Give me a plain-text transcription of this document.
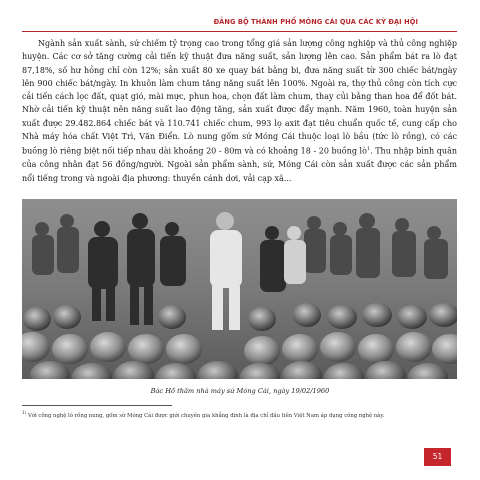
ĐẢNG BỘ THÀNH PHỐ MÓNG CÁI QUA CÁC KỲ ĐẠI HỘI

Ngành sản xuất sành, sứ chiếm tỷ trọng cao trong tổng giá sản lượng công nghiệp và thủ công nghiệp huyện. Các cơ sở tăng cường cải tiến kỹ thuật đưa năng suất, sản lượng lên cao. Sản phẩm bát ra lò đạt 87,18%, số hư hỏng chỉ còn 12%; sản xuất 80 xe quay bát bằng bi, đưa năng suất từ 300 chiếc bát/ngày lên 900 chiếc bát/ngày. In khuôn làm chum tăng năng suất lên 100%. Ngoài ra, thợ thủ công còn tích cực cải tiến cách lọc đất, quạt gió, mài mực, phun hoa, chọn đất làm chum, thay củi bằng than hoa để đốt bát. Nhờ cải tiến kỹ thuật nên năng suất lao động tăng, sản xuất được đẩy mạnh. Năm 1960, toàn huyện sản xuất được 29.482.864 chiếc bát và 110.741 chiếc chum, 993 lọ axit đạt tiêu chuẩn quốc tế, cung cấp cho Nhà máy hóa chất Việt Trì, Văn Điển. Lò nung gốm sứ Móng Cái thuộc loại lò bầu (tức lò rồng), có các buồng lò riêng biệt nối tiếp nhau dài khoảng 20 - 80m và có khoảng 18 - 20 buồng $lò^1$. Thu nhập bình quân của công nhân đạt 56 đồng/người. Ngoài sản phẩm sành, sứ, Móng Cái còn sản xuất được các sản phẩm nổi tiếng trong và ngoài địa phương: thuyền cánh dơi, vải cạp xã...

Bác Hồ thăm nhà máy sứ Móng Cái, ngày 19/02/1960
$^{1)}$ Với công nghệ lò rồng nung, gốm sứ Móng Cái được giới chuyên gia khẳng định là địa chỉ đầu tiên Việt Nam áp dụng công nghệ này.
51
